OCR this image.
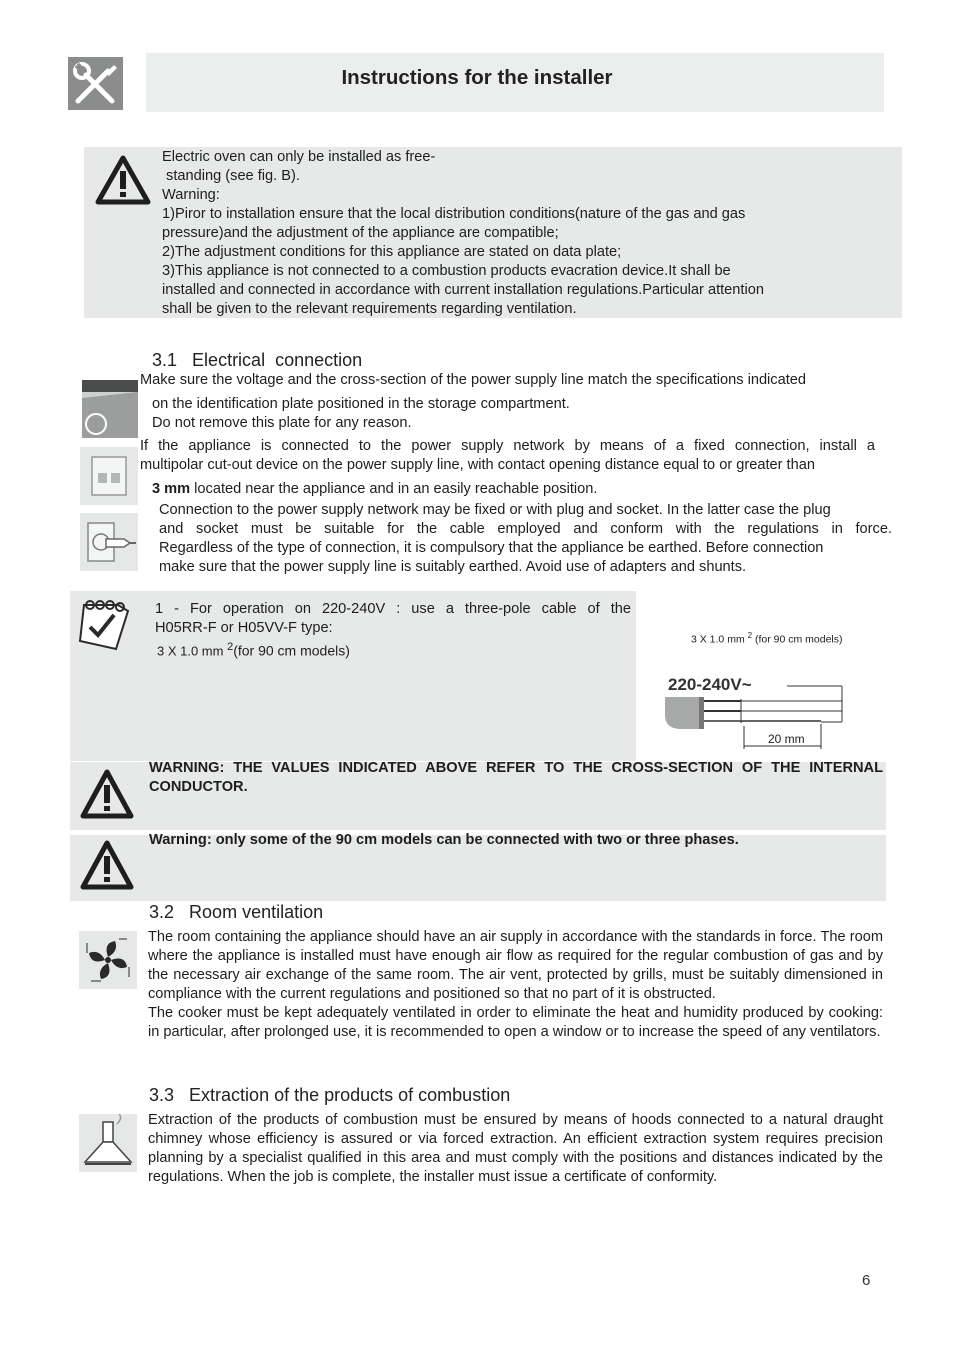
Instructions for the installer
Electric oven can only be installed as free-
standing (see fig. B).
Warning:
1)Piror to installation ensure that the local distribution conditions(nature of the gas and gas
pressure)and the adjustment of the appliance are compatible;
2)The adjustment conditions for this appliance are stated on data plate;
3)This appliance is not connected to a combustion products evacration device.It shall be
installed and connected in accordance with current installation regulations.Particular attention
shall be given to the relevant requirements regarding ventilation.
3.1 Electrical  connection
Make sure the voltage and the cross-section of the power supply line match the specifications indicated
on the identification plate positioned in the storage compartment.
Do not remove this plate for any reason.
If the appliance is connected to the power supply network by means of a fixed connection, install a
multipolar cut-out device on the power supply line, with contact opening distance equal to or greater than
3 mm located near the appliance and in an easily reachable position.
Connection to the power supply network may be fixed or with plug and socket. In the latter case the plug
and socket must be suitable for the cable employed and conform with the regulations in force.
Regardless of the type of connection, it is compulsory that the appliance be earthed. Before connection
make sure that the power supply line is suitably earthed. Avoid use of adapters and shunts.
1 - For operation on 220-240V : use a three-pole cable of the
H05RR-F or H05VV-F type:
3 X 1.0 mm $^2$(for 90 cm models)
3 X 1.0 mm $^2$ (for 90 cm models)
220-240V~
20 mm
WARNING: THE VALUES INDICATED ABOVE REFER TO THE CROSS-SECTION OF THE INTERNAL CONDUCTOR.
Warning: only some of the 90 cm models can be connected with two or three phases.
3.2 Room ventilation
The room containing the appliance should have an air supply in accordance with the standards in force. The room where the appliance is installed must have enough air flow as required for the regular combustion of gas and by the necessary air exchange of the same room. The air vent, protected by grills, must be suitably dimensioned in compliance with the current regulations and positioned so that no part of it is obstructed.
The cooker must be kept adequately ventilated in order to eliminate the heat and humidity produced by cooking: in particular, after prolonged use, it is recommended to open a window or to increase the speed of any ventilators.
3.3 Extraction of the products of combustion
Extraction of the products of combustion must be ensured by means of hoods connected to a natural draught chimney whose efficiency is assured or via forced extraction. An efficient extraction system requires precision planning by a specialist qualified in this area and must comply with the positions and distances indicated by the regulations. When the job is complete, the installer must issue a certificate of conformity.
6
